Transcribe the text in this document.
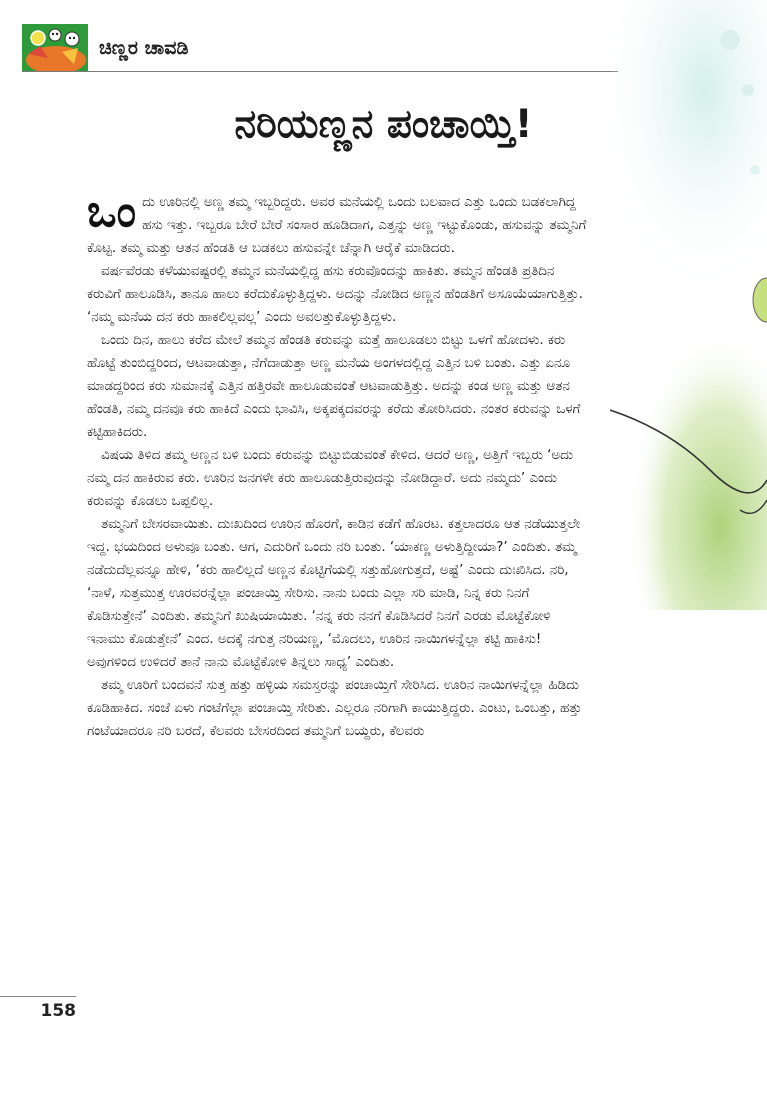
ಚಿಣ್ಣರ ಚಾವಡಿ
ನರಿಯಣ್ಣನ ಪಂಚಾಯ್ತಿ!

ಒಂದು ಊರಿನಲ್ಲಿ ಅಣ್ಣ ತಮ್ಮ ಇಬ್ಬರಿದ್ದರು. ಅವರ ಮನೆಯಲ್ಲಿ ಒಂದು ಬಲವಾದ ಎತ್ತು ಒಂದು ಬಡಕಲಾಗಿದ್ದ ಹಸು ಇತ್ತು. ಇಬ್ಬರೂ ಬೇರೆ ಬೇರೆ ಸಂಸಾರ ಹೂಡಿದಾಗ, ಎತ್ತನ್ನು ಅಣ್ಣ ಇಟ್ಟುಕೊಂಡು, ಹಸುವನ್ನು ತಮ್ಮನಿಗೆ ಕೊಟ್ಟ. ತಮ್ಮ ಮತ್ತು ಆತನ ಹೆಂಡತಿ ಆ ಬಡಕಲು ಹಸುವನ್ನೇ ಚೆನ್ನಾಗಿ ಆರೈಕೆ ಮಾಡಿದರು.

ವರ್ಷವೆರಡು ಕಳೆಯುವಷ್ಟರಲ್ಲಿ ತಮ್ಮನ ಮನೆಯಲ್ಲಿದ್ದ ಹಸು ಕರುವೊಂದನ್ನು ಹಾಕಿತು. ತಮ್ಮನ ಹೆಂಡತಿ ಪ್ರತಿದಿನ ಕರುವಿಗೆ ಹಾಲೂಡಿಸಿ, ತಾನೂ ಹಾಲು ಕರೆದುಕೊಳ್ಳುತ್ತಿದ್ದಳು. ಅದನ್ನು ನೋಡಿದ ಅಣ್ಣನ ಹೆಂಡತಿಗೆ ಅಸೂಯೆಯಾಗುತ್ತಿತ್ತು. ‘ನಮ್ಮ ಮನೆಯ ದನ ಕರು ಹಾಕಲಿಲ್ಲವಲ್ಲ’ ಎಂದು ಅವಲತ್ತುಕೊಳ್ಳುತ್ತಿದ್ದಳು.

ಒಂದು ದಿನ, ಹಾಲು ಕರೆದ ಮೇಲೆ ತಮ್ಮನ ಹೆಂಡತಿ ಕರುವನ್ನು ಮತ್ತೆ ಹಾಲೂಡಲು ಬಿಟ್ಟು ಒಳಗೆ ಹೋದಳು. ಕರು ಹೊಟ್ಟೆ ತುಂಬಿದ್ದರಿಂದ, ಆಟವಾಡುತ್ತಾ, ನೆಗೆದಾಡುತ್ತಾ ಅಣ್ಣ ಮನೆಯ ಅಂಗಳದಲ್ಲಿದ್ದ ಎತ್ತಿನ ಬಳಿ ಬಂತು. ಎತ್ತು ಏನೂ ಮಾಡದ್ದರಿಂದ ಕರು ಸುಮಾನಕ್ಕೆ ಎತ್ತಿನ ಹತ್ತಿರವೇ ಹಾಲೂಡುವಂತೆ ಆಟವಾಡುತ್ತಿತ್ತು. ಅದನ್ನು ಕಂಡ ಅಣ್ಣ ಮತ್ತು ಆತನ ಹೆಂಡತಿ, ನಮ್ಮ ದನವೂ ಕರು ಹಾಕಿದೆ ಎಂದು ಭಾವಿಸಿ, ಅಕ್ಕಪಕ್ಕದವರನ್ನು ಕರೆದು ತೋರಿಸಿದರು. ನಂತರ ಕರುವನ್ನು ಒಳಗೆ ಕಟ್ಟಿಹಾಕಿದರು.

ವಿಷಯ ತಿಳಿದ ತಮ್ಮ ಅಣ್ಣನ ಬಳಿ ಬಂದು ಕರುವನ್ನು ಬಿಟ್ಟುಬಿಡುವಂತೆ ಕೇಳಿದ. ಆದರೆ ಅಣ್ಣ, ಅತ್ತಿಗೆ ಇಬ್ಬರು ‘ಅದು ನಮ್ಮ ದನ ಹಾಕಿರುವ ಕರು. ಊರಿನ ಜನಗಳೇ ಕರು ಹಾಲೂಡುತ್ತಿರುವುದನ್ನು ನೋಡಿದ್ದಾರೆ. ಅದು ನಮ್ಮದು’ ಎಂದು ಕರುವನ್ನು ಕೊಡಲು ಒಪ್ಪಲಿಲ್ಲ.

ತಮ್ಮನಿಗೆ ಬೇಸರವಾಯಿತು. ದುಃಖದಿಂದ ಊರಿನ ಹೊರಗೆ, ಕಾಡಿನ ಕಡೆಗೆ ಹೊರಟ. ಕತ್ತಲಾದರೂ ಆತ ನಡೆಯುತ್ತಲೇ ಇದ್ದ. ಭಯದಿಂದ ಅಳುವೂ ಬಂತು. ಆಗ, ಎದುರಿಗೆ ಒಂದು ನರಿ ಬಂತು. ‘ಯಾಕಣ್ಣ ಅಳುತ್ತಿದ್ದೀಯಾ?’ ಎಂದಿತು. ತಮ್ಮ ನಡೆದುದೆಲ್ಲವನ್ನೂ ಹೇಳಿ, ‘ಕರು ಹಾಲಿಲ್ಲದೆ ಅಣ್ಣನ ಕೊಟ್ಟಿಗೆಯಲ್ಲಿ ಸತ್ತುಹೋಗುತ್ತದೆ, ಅಷ್ಟೆ’ ಎಂದು ದುಃಖಿಸಿದ. ನರಿ, ‘ನಾಳೆ, ಸುತ್ತಮುತ್ತ ಊರವರನ್ನೆಲ್ಲಾ ಪಂಚಾಯ್ತಿ ಸೇರಿಸು. ನಾನು ಬಂದು ಎಲ್ಲಾ ಸರಿ ಮಾಡಿ, ನಿನ್ನ ಕರು ನಿನಗೆ ಕೊಡಿಸುತ್ತೇನೆ’ ಎಂದಿತು. ತಮ್ಮನಿಗೆ ಖುಷಿಯಾಯಿತು. ‘ನನ್ನ ಕರು ನನಗೆ ಕೊಡಿಸಿದರೆ ನಿನಗೆ ಎರಡು ಮೊಟ್ಟೆಕೋಳಿ ಇನಾಮು ಕೊಡುತ್ತೇನೆ’ ಎಂದ. ಅದಕ್ಕೆ ನಗುತ್ತ ನರಿಯಣ್ಣ, ‘ಮೊದಲು, ಊರಿನ ನಾಯಿಗಳನ್ನೆಲ್ಲಾ ಕಟ್ಟಿ ಹಾಕಿಸು! ಅವುಗಳಿಂದ ಉಳಿದರೆ ತಾನೆ ನಾನು ಮೊಟ್ಟೆಕೋಳಿ ತಿನ್ನಲು ಸಾಧ್ಯ’ ಎಂದಿತು.

ತಮ್ಮ ಊರಿಗೆ ಬಂದವನೆ ಸುತ್ತ ಹತ್ತು ಹಳ್ಳಿಯ ಸಮಸ್ತರನ್ನು ಪಂಚಾಯ್ತಿಗೆ ಸೇರಿಸಿದ. ಊರಿನ ನಾಯಿಗಳನ್ನೆಲ್ಲಾ ಹಿಡಿದು ಕೂಡಿಹಾಕಿದ. ಸಂಜೆ ಏಳು ಗಂಟೆಗೆಲ್ಲಾ ಪಂಚಾಯ್ತಿ ಸೇರಿತು. ಎಲ್ಲರೂ ನರಿಗಾಗಿ ಕಾಯುತ್ತಿದ್ದರು. ಎಂಟು, ಒಂಬತ್ತು, ಹತ್ತು ಗಂಟೆಯಾದರೂ ನರಿ ಬರದೆ, ಕೆಲವರು ಬೇಸರದಿಂದ ತಮ್ಮನಿಗೆ ಬಯ್ದರು, ಕೆಲವರು

158
